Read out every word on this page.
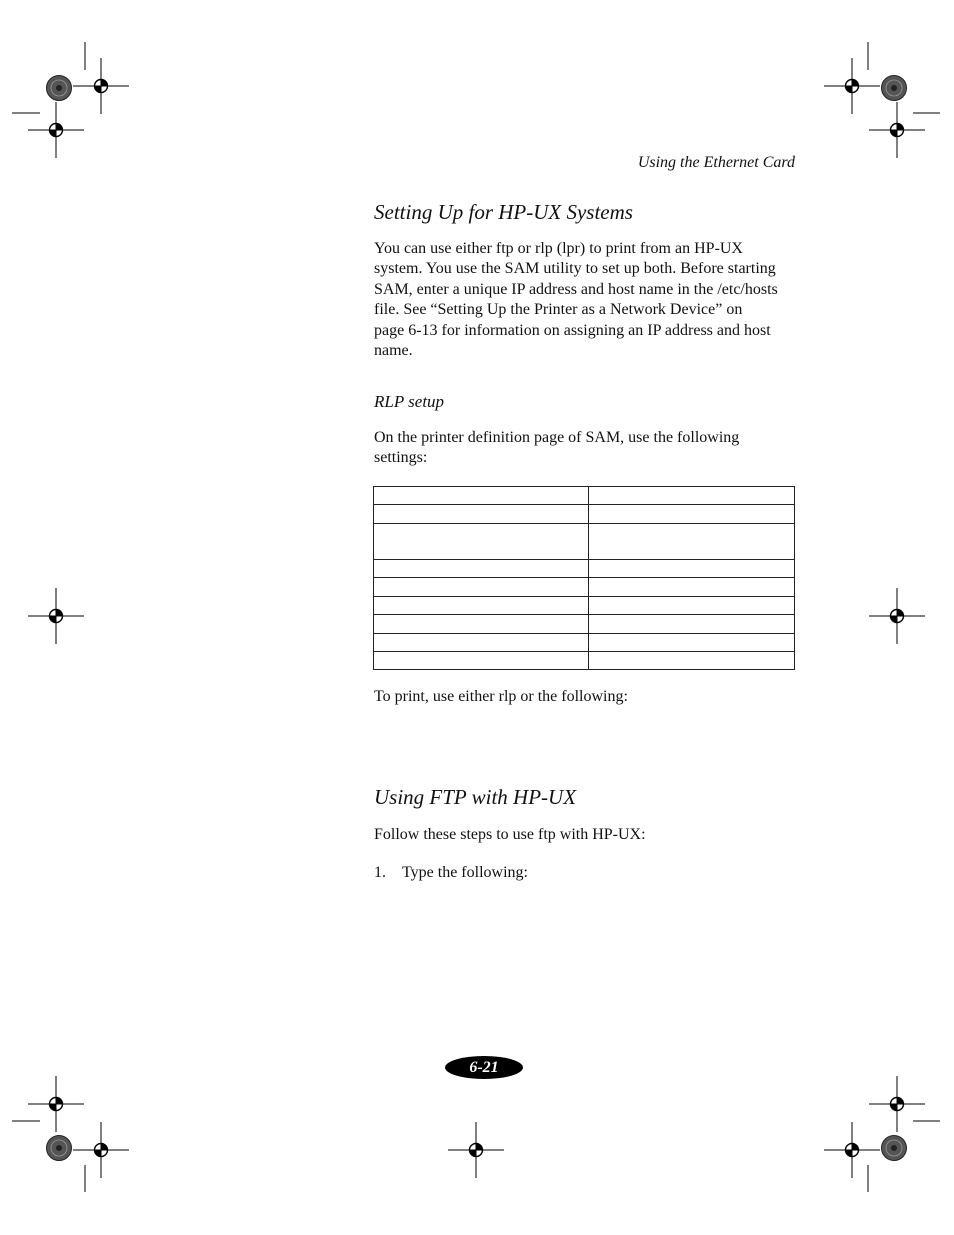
Using the Ethernet Card
Setting Up for HP-UX Systems
You can use either ftp or rlp (lpr) to print from an HP-UX
system. You use the SAM utility to set up both. Before starting
SAM, enter a unique IP address and host name in the /etc/hosts
file. See “Setting Up the Printer as a Network Device” on
page 6-13 for information on assigning an IP address and host
name.
RLP setup
On the printer definition page of SAM, use the following
settings:

To print, use either rlp or the following:
Using FTP with HP-UX
Follow these steps to use ftp with HP-UX:
1. Type the following:
6-21
